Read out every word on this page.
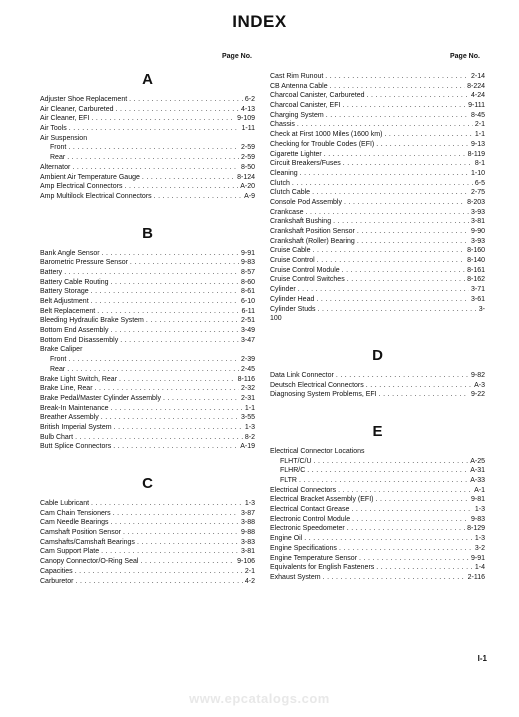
INDEX
Page No.	Page No.
A
Adjuster Shoe Replacement . . .	6-2
Air Cleaner, Carbureted . . .	4-13
Air Cleaner, EFI . . .	9-109
Air Tools . . .	1-11
Air Suspension
Front . . .	2-59
Rear . . .	2-59
Alternator . . .	8-50
Ambient Air Temperature Gauge . . .	8-124
Amp Electrical Connectors . . .	A-20
Amp Multilock Electrical Connectors . . .	A-9
B
Bank Angle Sensor . . .	9-91
Barometric Pressure Sensor . . .	9-83
Battery . . .	8-57
Battery Cable Routing . . .	8-60
Battery Storage . . .	8-61
Belt Adjustment . . .	6-10
Belt Replacement . . .	6-11
Bleeding Hydraulic Brake System . . .	2-51
Bottom End Assembly . . .	3-49
Bottom End Disassembly . . .	3-47
Brake Caliper
Front . . .	2-39
Rear . . .	2-45
Brake Light Switch, Rear . . .	8-116
Brake Line, Rear . . .	2-32
Brake Pedal/Master Cylinder Assembly . . .	2-31
Break-In Maintenance . . .	1-1
Breather Assembly . . .	3-55
British Imperial System . . .	1-3
Bulb Chart . . .	8-2
Butt Splice Connectors . . .	A-19
C
Cable Lubricant . . .	1-3
Cam Chain Tensioners . . .	3-87
Cam Needle Bearings . . .	3-88
Camshaft Position Sensor . . .	9-88
Camshafts/Camshaft Bearings . . .	3-83
Cam Support Plate . . .	3-81
Canopy Connector/O-Ring Seal . . .	9-106
Capacities . . .	2-1
Carburetor . . .	4-2
Cast Rim Runout . . .	2-14
CB Antenna Cable . . .	8-224
Charcoal Canister, Carbureted . . .	4-24
Charcoal Canister, EFI . . .	9-111
Charging System . . .	8-45
Chassis . . .	2-1
Check at First 1000 Miles (1600 km) . . .	1-1
Checking for Trouble Codes (EFI) . . .	9-13
Cigarette Lighter . . .	8-119
Circuit Breakers/Fuses . . .	8-1
Cleaning . . .	1-10
Clutch . . .	6-5
Clutch Cable . . .	2-75
Console Pod Assembly . . .	8-203
Crankcase . . .	3-93
Crankshaft Bushing . . .	3-81
Crankshaft Position Sensor . . .	9-90
Crankshaft (Roller) Bearing . . .	3-93
Cruise Cable . . .	8-160
Cruise Control . . .	8-140
Cruise Control Module . . .	8-161
Cruise Control Switches . . .	8-162
Cylinder . . .	3-71
Cylinder Head . . .	3-61
Cylinder Studs . . .	3-
100
D
Data Link Connector . . .	9-82
Deutsch Electrical Connectors . . .	A-3
Diagnosing System Problems, EFI . . .	9-22
E
Electrical Connector Locations
FLHT/C/U . . .	A-25
FLHR/C . . .	A-31
FLTR . . .	A-33
Electrical Connectors . . .	A-1
Electrical Bracket Assembly (EFI) . . .	9-81
Electrical Contact Grease . . .	1-3
Electronic Control Module . . .	9-83
Electronic Speedometer . . .	8-129
Engine Oil . . .	1-3
Engine Specifications . . .	3-2
Engine Temperature Sensor . . .	9-91
Equivalents for English Fasteners . . .	1-4
Exhaust System . . .	2-116
I-1
www.epcatalogs.com
